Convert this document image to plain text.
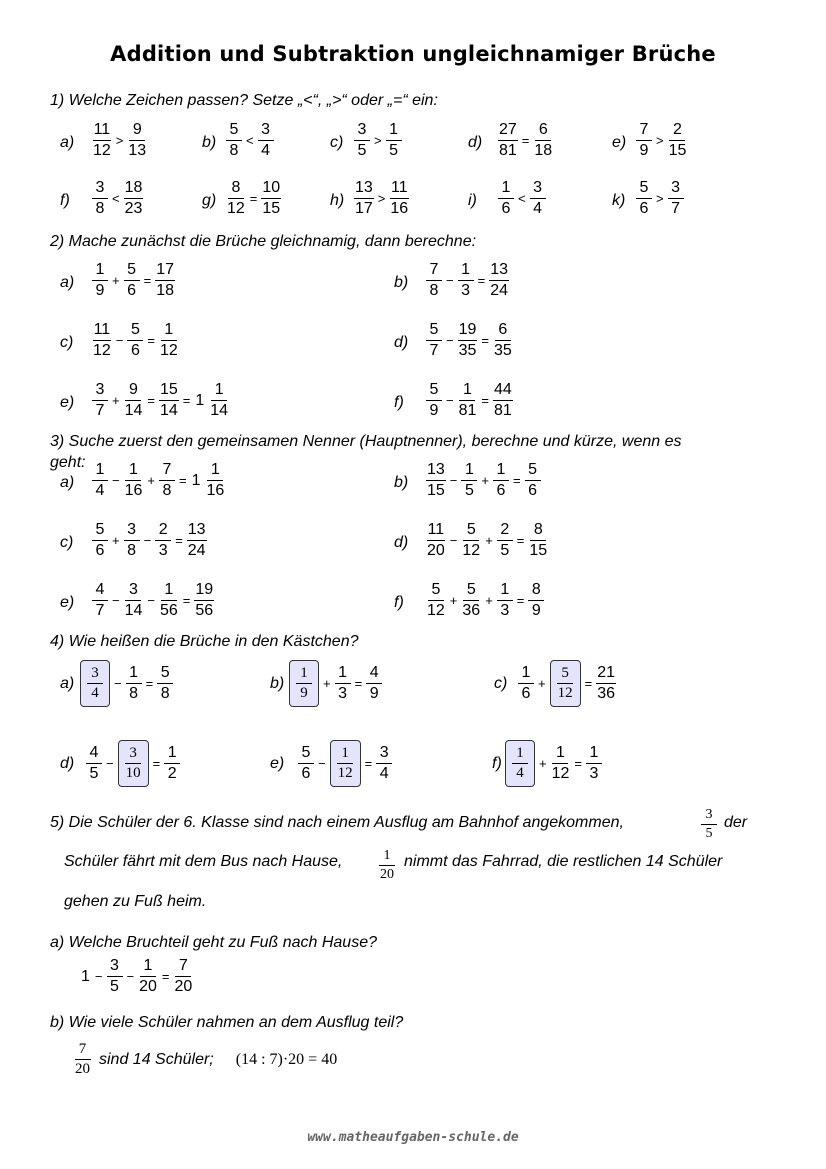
Addition und Subtraktion ungleichnamiger Brüche
1) Welche Zeichen passen? Setze „<“, „>“ oder „=“ ein:
$a) \frac{11}{12} > \frac{9}{13}$	$b) \frac{5}{8} < \frac{3}{4}$	$c) \frac{3}{5} > \frac{1}{5}$	$d) \frac{27}{81} = \frac{6}{18}$	$e) \frac{7}{9} > \frac{2}{15}$
$f) \frac{3}{8} < \frac{18}{23}$	$g) \frac{8}{12} = \frac{10}{15}$	$h) \frac{13}{17} > \frac{11}{16}$	$i) \frac{1}{6} < \frac{3}{4}$	$k) \frac{5}{6} > \frac{3}{7}$
2) Mache zunächst die Brüche gleichnamig, dann berechne:
$a) \frac{1}{9} + \frac{5}{6} = \frac{17}{18}$	$b) \frac{7}{8} - \frac{1}{3} = \frac{13}{24}$
$c) \frac{11}{12} - \frac{5}{6} = \frac{1}{12}$	$d) \frac{5}{7} - \frac{19}{35} = \frac{6}{35}$
$e) \frac{3}{7} + \frac{9}{14} = \frac{15}{14} = 1 \frac{1}{14}$	$f) \frac{5}{9} - \frac{1}{81} = \frac{44}{81}$
3) Suche zuerst den gemeinsamen Nenner (Hauptnenner), berechne und kürze, wenn es
geht:
$a) \frac{1}{4} - \frac{1}{16} + \frac{7}{8} = 1 \frac{1}{16}$	$b) \frac{13}{15} - \frac{1}{5} + \frac{1}{6} = \frac{5}{6}$
$c) \frac{5}{6} + \frac{3}{8} - \frac{2}{3} = \frac{13}{24}$	$d) \frac{11}{20} - \frac{5}{12} + \frac{2}{5} = \frac{8}{15}$
$e) \frac{4}{7} - \frac{3}{14} - \frac{1}{56} = \frac{19}{56}$	$f) \frac{5}{12} + \frac{5}{36} + \frac{1}{3} = \frac{8}{9}$
4) Wie heißen die Brüche in den Kästchen?
$a) \frac{3}{4} - \frac{1}{8} = \frac{5}{8}$	$b) \frac{1}{9} + \frac{1}{3} = \frac{4}{9}$	$c) \frac{1}{6} + \frac{5}{12} = \frac{21}{36}$
$d) \frac{4}{5} - \frac{3}{10} = \frac{1}{2}$	$e) \frac{5}{6} - \frac{1}{12} = \frac{3}{4}$	$f) \frac{1}{4} + \frac{1}{12} = \frac{1}{3}$
5) Die Schüler der 6. Klasse sind nach einem Ausflug am Bahnhof angekommen,	$\frac{3}{5}$ der
Schüler fährt mit dem Bus nach Hause,	$\frac{1}{20}$ nimmt das Fahrrad, die restlichen 14 Schüler
gehen zu Fuß heim.
a) Welche Bruchteil geht zu Fuß nach Hause?
$1 - \frac{3}{5} - \frac{1}{20} = \frac{7}{20}$
b) Wie viele Schüler nahmen an dem Ausflug teil?
$\frac{7}{20}$ sind 14 Schüler; (14 : 7)·20 = 40
www.matheaufgaben-schule.de
